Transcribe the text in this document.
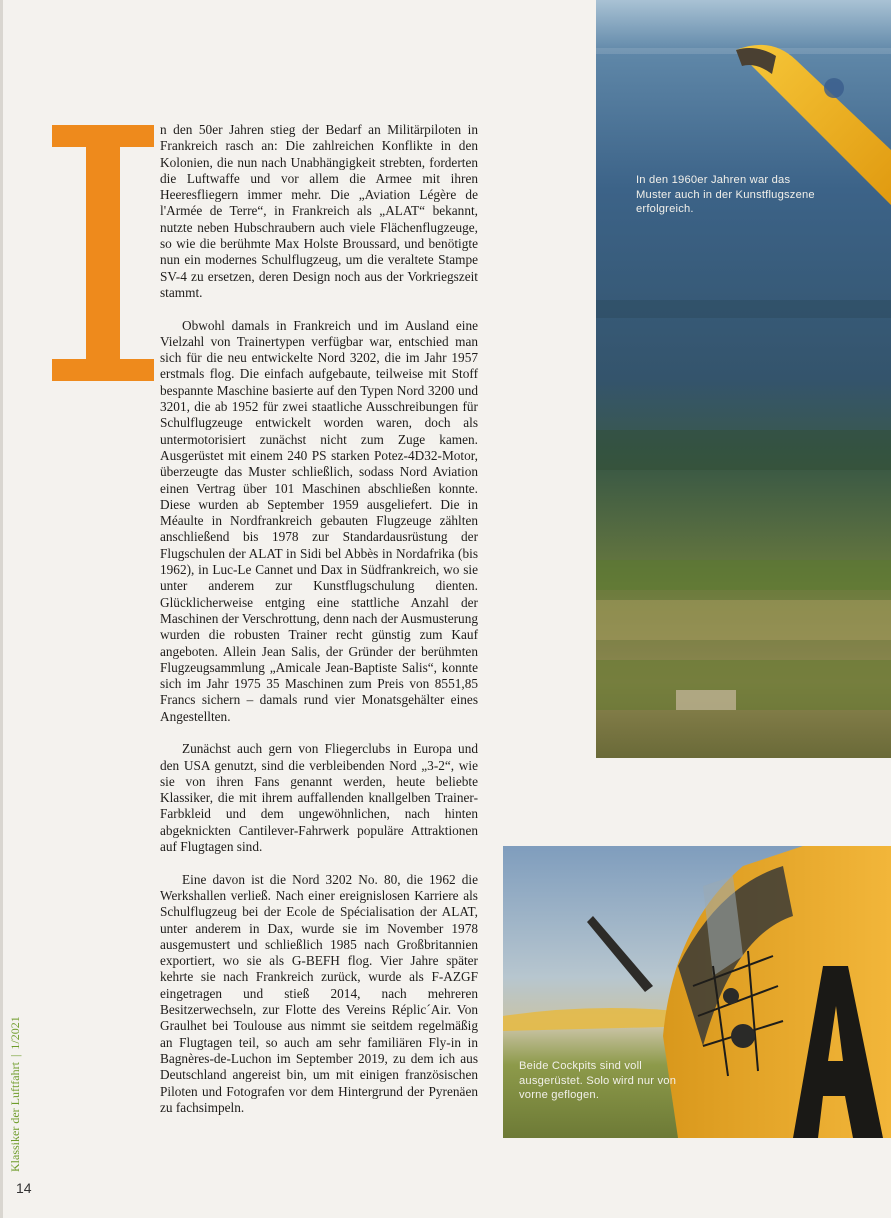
n den 50er Jahren stieg der Bedarf an Militärpiloten in Frankreich rasch an: Die zahlreichen Konflikte in den Kolonien, die nun nach Unabhängigkeit strebten, forderten die Luftwaffe und vor allem die Armee mit ihren Heeresfliegern immer mehr. Die „Aviation Légère de l'Armée de Terre“, in Frankreich als „ALAT“ bekannt, nutzte neben Hubschraubern auch viele Flächenflugzeuge, so wie die berühmte Max Holste Broussard, und benötigte nun ein modernes Schulflugzeug, um die veraltete Stampe SV-4 zu ersetzen, deren Design noch aus der Vorkriegszeit stammt.

Obwohl damals in Frankreich und im Ausland eine Vielzahl von Trainertypen verfügbar war, entschied man sich für die neu entwickelte Nord 3202, die im Jahr 1957 erstmals flog. Die einfach aufgebaute, teilweise mit Stoff bespannte Maschine basierte auf den Typen Nord 3200 und 3201, die ab 1952 für zwei staatliche Ausschreibungen für Schulflugzeuge entwickelt worden waren, doch als untermotorisiert zunächst nicht zum Zuge kamen. Ausgerüstet mit einem 240 PS starken Potez-4D32-Motor, überzeugte das Muster schließlich, sodass Nord Aviation einen Vertrag über 101 Maschinen abschließen konnte. Diese wurden ab September 1959 ausgeliefert. Die in Méaulte in Nordfrankreich gebauten Flugzeuge zählten anschließend bis 1978 zur Standardausrüstung der Flugschulen der ALAT in Sidi bel Abbès in Nordafrika (bis 1962), in Luc-Le Cannet und Dax in Südfrankreich, wo sie unter anderem zur Kunstflugschulung dienten. Glücklicherweise entging eine stattliche Anzahl der Maschinen der Verschrottung, denn nach der Ausmusterung wurden die robusten Trainer recht günstig zum Kauf angeboten. Allein Jean Salis, der Gründer der berühmten Flugzeugsammlung „Amicale Jean-Baptiste Salis“, konnte sich im Jahr 1975 35 Maschinen zum Preis von 8551,85 Francs sichern – damals rund vier Monatsgehälter eines Angestellten.

Zunächst auch gern von Fliegerclubs in Europa und den USA genutzt, sind die verbleibenden Nord „3-2“, wie sie von ihren Fans genannt werden, heute beliebte Klassiker, die mit ihrem auffallenden knallgelben Trainer-Farbkleid und dem ungewöhnlichen, nach hinten abgeknickten Cantilever-Fahrwerk populäre Attraktionen auf Flugtagen sind.

Eine davon ist die Nord 3202 No. 80, die 1962 die Werkshallen verließ. Nach einer ereignislosen Karriere als Schulflugzeug bei der Ecole de Spécialisation der ALAT, unter anderem in Dax, wurde sie im November 1978 ausgemustert und schließlich 1985 nach Großbritannien exportiert, wo sie als G-BEFH flog. Vier Jahre später kehrte sie nach Frankreich zurück, wurde als F-AZGF eingetragen und stieß 2014, nach mehreren Besitzerwechseln, zur Flotte des Vereins Réplic´Air. Von Graulhet bei Toulouse aus nimmt sie seitdem regelmäßig an Flugtagen teil, so auch am sehr familiären Fly-in in Bagnères-de-Luchon im September 2019, zu dem ich aus Deutschland angereist bin, um mit einigen französischen Piloten und Fotografen vor dem Hintergrund der Pyrenäen zu fachsimpeln.

In den 1960er Jahren war das Muster auch in der Kunstflugszene erfolgreich.
Beide Cockpits sind voll ausgerüstet. Solo wird nur von vorne geflogen.
Klassiker der Luftfahrt|1/2021
14
